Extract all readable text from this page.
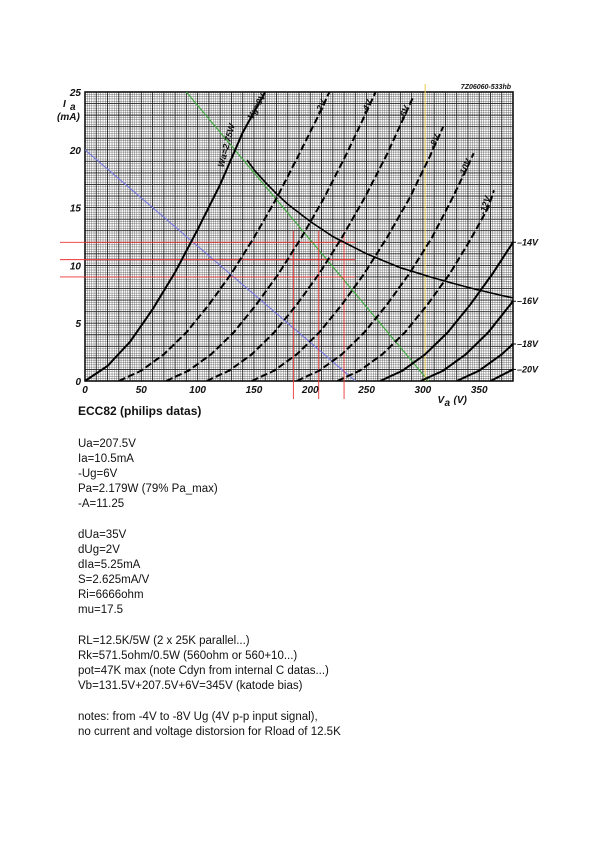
Vg=0V	-2V	-4V -6V
-8V
-10V
-12V
–14V
–16V
–18V
–20V
Wa=2.75W
0	50	100	150	200	250	300	350
0
5
10
15
20
25
I a
(mA)
V a (V)
7Z06060-533hb
ECC82 (philips datas)
Ua=207.5V
Ia=10.5mA
-Ug=6V
Pa=2.179W (79% Pa_max)
-A=11.25
dUa=35V
dUg=2V
dIa=5.25mA
S=2.625mA/V
Ri=6666ohm
mu=17.5
RL=12.5K/5W (2 x 25K parallel...)
Rk=571.5ohm/0.5W (560ohm or 560+10...)
pot=47K max (note Cdyn from internal C datas...)
Vb=131.5V+207.5V+6V=345V (katode bias)
notes: from -4V to -8V Ug (4V p-p input signal),
no current and voltage distorsion for Rload of 12.5K
